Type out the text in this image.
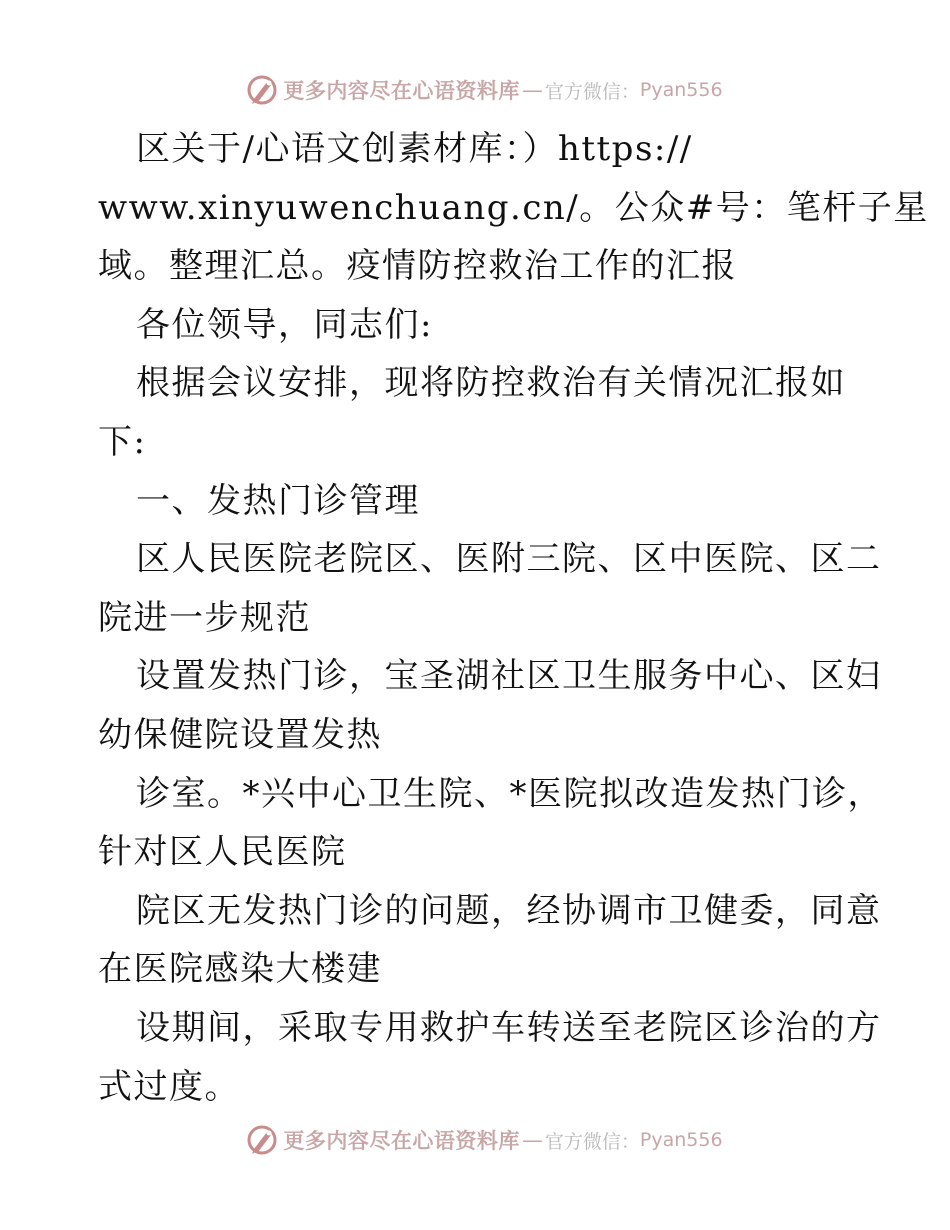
更多内容尽在心语资料库 — 官方微信： Pyan556
区关于/心语文创素材库：）https://
www.xinyuwenchuang.cn/。公众#号：笔杆子星
域。整理汇总。疫情防控救治工作的汇报
各位领导，同志们:
根据会议安排，现将防控救治有关情况汇报如
下:
一、发热门诊管理
区人民医院老院区、医附三院、区中医院、区二
院进一步规范
设置发热门诊，宝圣湖社区卫生服务中心、区妇
幼保健院设置发热
诊室。*兴中心卫生院、*医院拟改造发热门诊，
针对区人民医院
院区无发热门诊的问题，经协调市卫健委，同意
在医院感染大楼建
设期间，采取专用救护车转送至老院区诊治的方
式过度。
更多内容尽在心语资料库 — 官方微信： Pyan556
